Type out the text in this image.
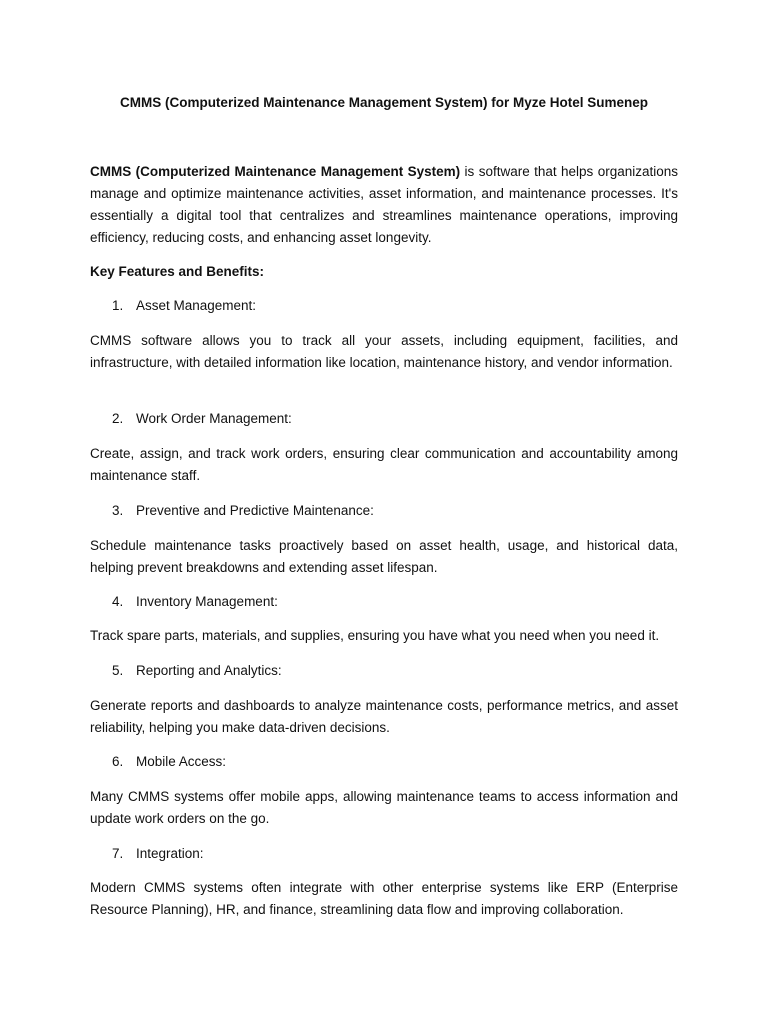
CMMS (Computerized Maintenance Management System) for Myze Hotel Sumenep

CMMS (Computerized Maintenance Management System) is software that helps organizations manage and optimize maintenance activities, asset information, and maintenance processes. It's essentially a digital tool that centralizes and streamlines maintenance operations, improving efficiency, reducing costs, and enhancing asset longevity.

Key Features and Benefits:

1. Asset Management:

CMMS software allows you to track all your assets, including equipment, facilities, and infrastructure, with detailed information like location, maintenance history, and vendor information.

2. Work Order Management:

Create, assign, and track work orders, ensuring clear communication and accountability among maintenance staff.

3. Preventive and Predictive Maintenance:

Schedule maintenance tasks proactively based on asset health, usage, and historical data, helping prevent breakdowns and extending asset lifespan.

4. Inventory Management:

Track spare parts, materials, and supplies, ensuring you have what you need when you need it.

5. Reporting and Analytics:

Generate reports and dashboards to analyze maintenance costs, performance metrics, and asset reliability, helping you make data-driven decisions.

6. Mobile Access:

Many CMMS systems offer mobile apps, allowing maintenance teams to access information and update work orders on the go.

7. Integration:

Modern CMMS systems often integrate with other enterprise systems like ERP (Enterprise Resource Planning), HR, and finance, streamlining data flow and improving collaboration.
